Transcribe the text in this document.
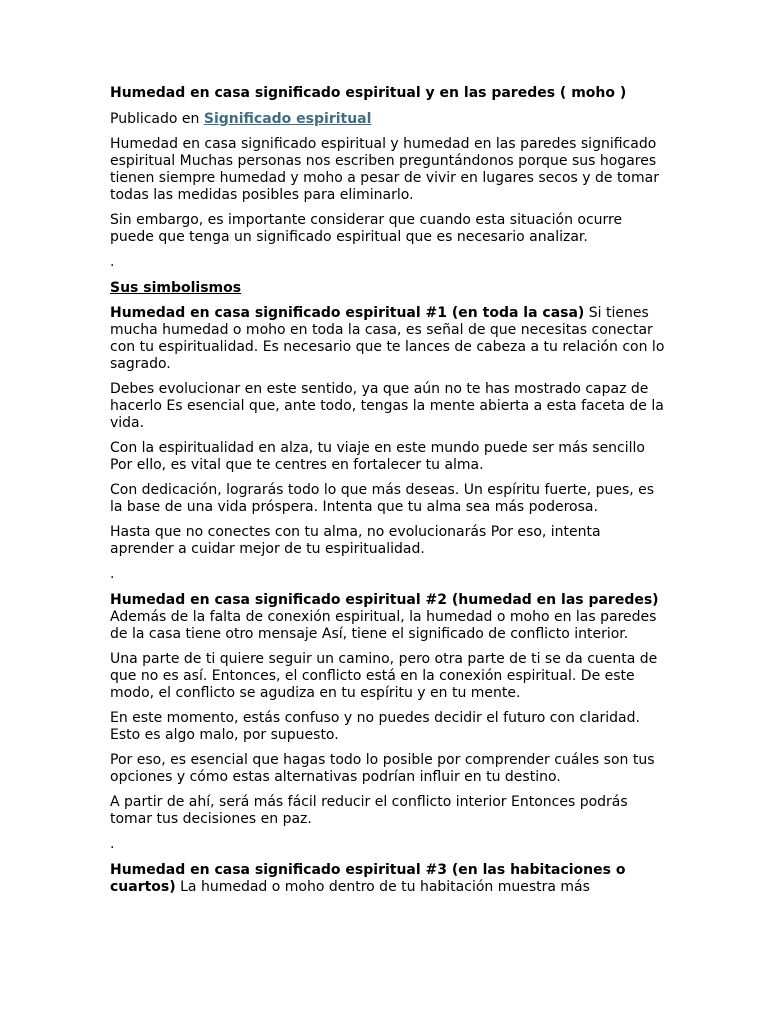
Humedad en casa significado espiritual y en las paredes ( moho )
Publicado en Significado espiritual

Humedad en casa significado espiritual y humedad en las paredes significado espiritual Muchas personas nos escriben preguntándonos porque sus hogares tienen siempre humedad y moho a pesar de vivir en lugares secos y de tomar todas las medidas posibles para eliminarlo.

Sin embargo, es importante considerar que cuando esta situación ocurre puede que tenga un significado espiritual que es necesario analizar.

.

Sus simbolismos

Humedad en casa significado espiritual #1 (en toda la casa) Si tienes mucha humedad o moho en toda la casa, es señal de que necesitas conectar con tu espiritualidad. Es necesario que te lances de cabeza a tu relación con lo sagrado.

Debes evolucionar en este sentido, ya que aún no te has mostrado capaz de hacerlo Es esencial que, ante todo, tengas la mente abierta a esta faceta de la vida.

Con la espiritualidad en alza, tu viaje en este mundo puede ser más sencillo Por ello, es vital que te centres en fortalecer tu alma.

Con dedicación, lograrás todo lo que más deseas. Un espíritu fuerte, pues, es la base de una vida próspera. Intenta que tu alma sea más poderosa.

Hasta que no conectes con tu alma, no evolucionarás Por eso, intenta aprender a cuidar mejor de tu espiritualidad.

.

Humedad en casa significado espiritual #2 (humedad en las paredes) Además de la falta de conexión espiritual, la humedad o moho en las paredes de la casa tiene otro mensaje Así, tiene el significado de conflicto interior.

Una parte de ti quiere seguir un camino, pero otra parte de ti se da cuenta de que no es así. Entonces, el conflicto está en la conexión espiritual. De este modo, el conflicto se agudiza en tu espíritu y en tu mente.

En este momento, estás confuso y no puedes decidir el futuro con claridad. Esto es algo malo, por supuesto.

Por eso, es esencial que hagas todo lo posible por comprender cuáles son tus opciones y cómo estas alternativas podrían influir en tu destino.

A partir de ahí, será más fácil reducir el conflicto interior Entonces podrás tomar tus decisiones en paz.

.

Humedad en casa significado espiritual #3 (en las habitaciones o cuartos) La humedad o moho dentro de tu habitación muestra más
